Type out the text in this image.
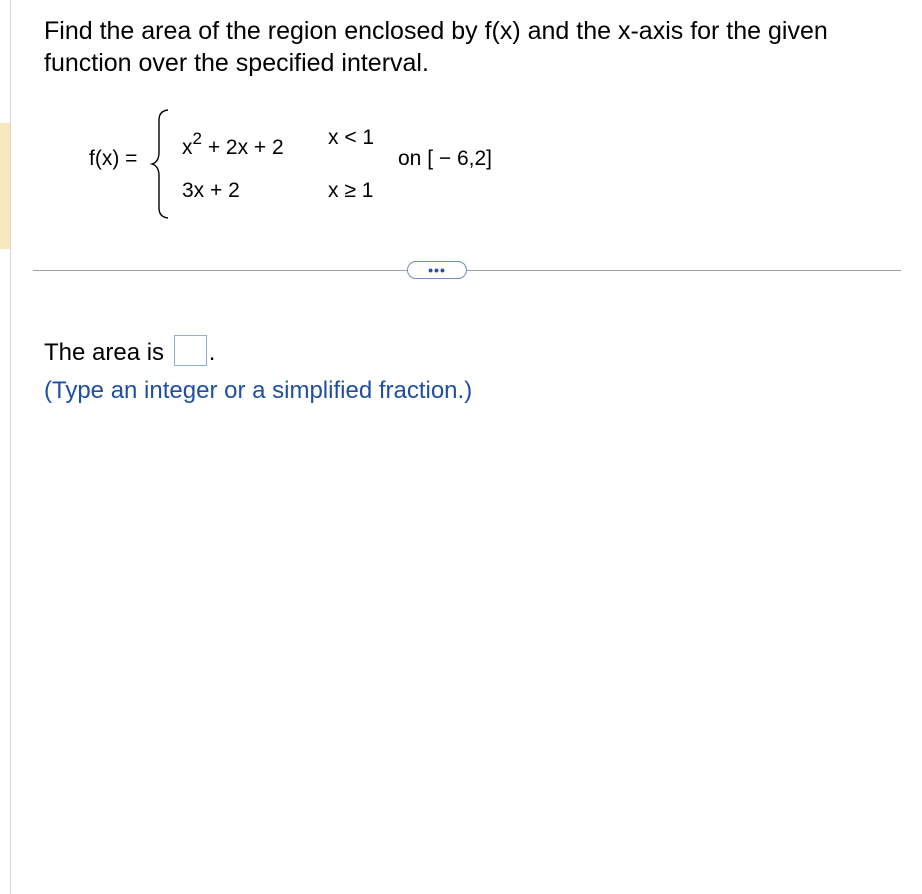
Find the area of the region enclosed by f(x) and the x-axis for the given function over the specified interval.

$f(x) = x^2 + 2x + 2$ x < 1
3x + 2	x ≥ 1
on [ − 6,2]
•••
The area is .
(Type an integer or a simplified fraction.)
